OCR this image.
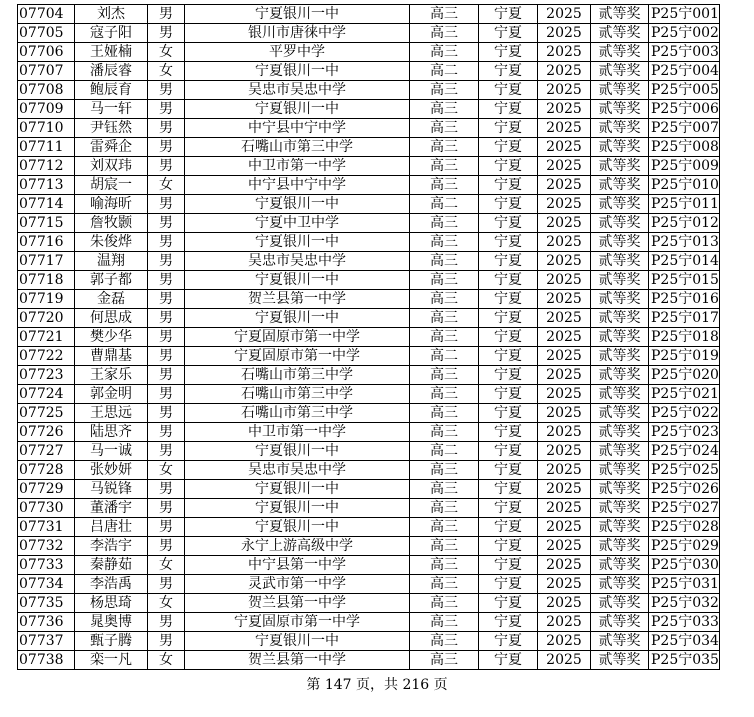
07704	刘杰	男	宁夏银川一中	高三	宁夏	2025	贰等奖	P25宁001
07705	寇子阳	男	银川市唐徕中学	高三	宁夏	2025	贰等奖	P25宁002
07706	王娅楠	女	平罗中学	高三	宁夏	2025	贰等奖	P25宁003
07707	潘辰睿	女	宁夏银川一中	高二	宁夏	2025	贰等奖	P25宁004
07708	鲍辰育	男	吴忠市吴忠中学	高三	宁夏	2025	贰等奖	P25宁005
07709	马一轩	男	宁夏银川一中	高三	宁夏	2025	贰等奖	P25宁006
07710	尹钰然	男	中宁县中宁中学	高三	宁夏	2025	贰等奖	P25宁007
07711	雷舜企	男	石嘴山市第三中学	高三	宁夏	2025	贰等奖	P25宁008
07712	刘双玮	男	中卫市第一中学	高三	宁夏	2025	贰等奖	P25宁009
07713	胡宸一	女	中宁县中宁中学	高三	宁夏	2025	贰等奖	P25宁010
07714	喻海昕	男	宁夏银川一中	高二	宁夏	2025	贰等奖	P25宁011
07715	詹牧颢	男	宁夏中卫中学	高三	宁夏	2025	贰等奖	P25宁012
07716	朱俊烨	男	宁夏银川一中	高三	宁夏	2025	贰等奖	P25宁013
07717	温翔	男	吴忠市吴忠中学	高三	宁夏	2025	贰等奖	P25宁014
07718	郭子都	男	宁夏银川一中	高三	宁夏	2025	贰等奖	P25宁015
07719	金磊	男	贺兰县第一中学	高三	宁夏	2025	贰等奖	P25宁016
07720	何思成	男	宁夏银川一中	高三	宁夏	2025	贰等奖	P25宁017
07721	樊少华	男	宁夏固原市第一中学	高三	宁夏	2025	贰等奖	P25宁018
07722	曹鼎基	男	宁夏固原市第一中学	高二	宁夏	2025	贰等奖	P25宁019
07723	王家乐	男	石嘴山市第三中学	高三	宁夏	2025	贰等奖	P25宁020
07724	郭金明	男	石嘴山市第三中学	高三	宁夏	2025	贰等奖	P25宁021
07725	王思远	男	石嘴山市第三中学	高三	宁夏	2025	贰等奖	P25宁022
07726	陆思齐	男	中卫市第一中学	高三	宁夏	2025	贰等奖	P25宁023
07727	马一诚	男	宁夏银川一中	高二	宁夏	2025	贰等奖	P25宁024
07728	张妙妍	女	吴忠市吴忠中学	高三	宁夏	2025	贰等奖	P25宁025
07729	马锐锋	男	宁夏银川一中	高三	宁夏	2025	贰等奖	P25宁026
07730	董潘宇	男	宁夏银川一中	高三	宁夏	2025	贰等奖	P25宁027
07731	吕唐壮	男	宁夏银川一中	高三	宁夏	2025	贰等奖	P25宁028
07732	李浩宇	男	永宁上游高级中学	高三	宁夏	2025	贰等奖	P25宁029
07733	秦静茹	女	中宁县第一中学	高三	宁夏	2025	贰等奖	P25宁030
07734	李浩禹	男	灵武市第一中学	高三	宁夏	2025	贰等奖	P25宁031
07735	杨思琦	女	贺兰县第一中学	高三	宁夏	2025	贰等奖	P25宁032
07736	晁奥博	男	宁夏固原市第一中学	高三	宁夏	2025	贰等奖	P25宁033
07737	甄子腾	男	宁夏银川一中	高三	宁夏	2025	贰等奖	P25宁034
07738	栾一凡	女	贺兰县第一中学	高三	宁夏	2025	贰等奖	P25宁035
第 147 页，共 216 页
